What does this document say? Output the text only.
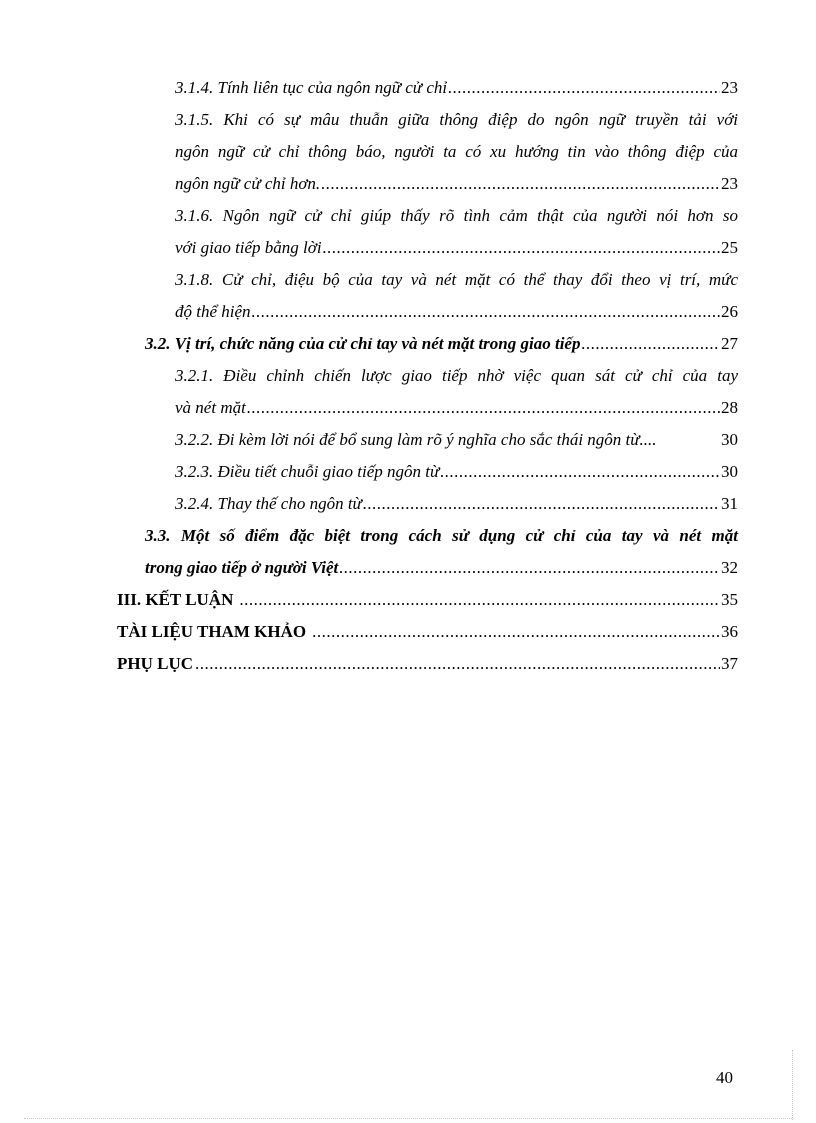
3.1.4. Tính liên tục của ngôn ngữ cử chỉ .....	23
3.1.5. Khi có sự mâu thuẫn giữa thông điệp do ngôn ngữ truyền tải với
ngôn ngữ cử chỉ thông báo, người ta có xu hướng tin vào thông điệp của
ngôn ngữ cử chỉ hơn. .....	23
3.1.6. Ngôn ngữ cử chỉ giúp thấy rõ tình cảm thật của người nói hơn so
với giao tiếp bằng lời .....	25
3.1.8. Cử chỉ, điệu bộ của tay và nét mặt có thể thay đổi theo vị trí, mức
độ thể hiện .....	26
3.2. Vị trí, chức năng của cử chỉ tay và nét mặt trong giao tiếp .....	27
3.2.1. Điều chỉnh chiến lược giao tiếp nhờ việc quan sát cử chỉ của tay
và nét mặt .....	28
3.2.2. Đi kèm lời nói để bổ sung làm rõ ý nghĩa cho sắc thái ngôn từ....	30
3.2.3. Điều tiết chuỗi giao tiếp ngôn từ .....	30
3.2.4. Thay thế cho ngôn từ .....	31
3.3. Một số điểm đặc biệt trong cách sử dụng cử chỉ của tay và nét mặt
trong giao tiếp ở người Việt .....	32
III. KẾT LUẬN .....	35
TÀI LIỆU THAM KHẢO .....	36
PHỤ LỤC .....	37
40
